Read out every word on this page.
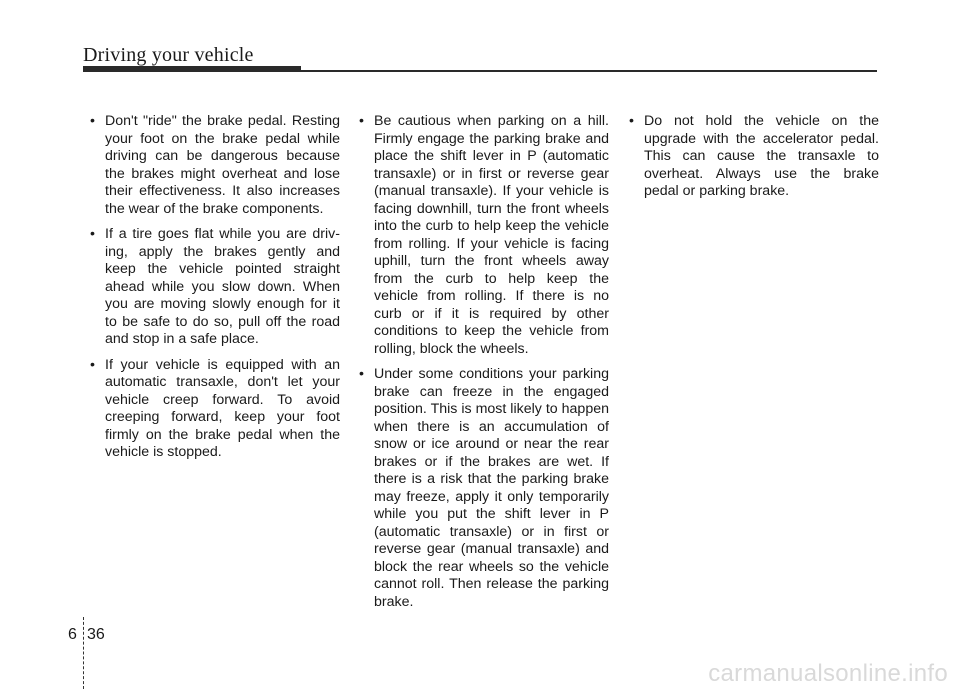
Driving your vehicle
• Don't "ride" the brake pedal. Resting your foot on the brake pedal while driving can be dangerous because the brakes might overheat and lose their effectiveness. It also increases the wear of the brake components.
• If a tire goes flat while you are driving, apply the brakes gently and keep the vehicle pointed straight ahead while you slow down. When you are moving slowly enough for it to be safe to do so, pull off the road and stop in a safe place.
• If your vehicle is equipped with an automatic transaxle, don't let your vehicle creep forward. To avoid creeping forward, keep your foot firmly on the brake pedal when the vehicle is stopped.
• Be cautious when parking on a hill. Firmly engage the parking brake and place the shift lever in P (automatic transaxle) or in first or reverse gear (manual transaxle). If your vehicle is facing downhill, turn the front wheels into the curb to help keep the vehicle from rolling. If your vehicle is facing uphill, turn the front wheels away from the curb to help keep the vehicle from rolling. If there is no curb or if it is required by other conditions to keep the vehicle from rolling, block the wheels.
• Under some conditions your parking brake can freeze in the engaged position. This is most likely to happen when there is an accumulation of snow or ice around or near the rear brakes or if the brakes are wet. If there is a risk that the parking brake may freeze, apply it only temporarily while you put the shift lever in P (automatic transaxle) or in first or reverse gear (manual transaxle) and block the rear wheels so the vehicle cannot roll. Then release the parking brake.
• Do not hold the vehicle on the upgrade with the accelerator pedal. This can cause the transaxle to overheat. Always use the brake pedal or parking brake.
6 36
carmanualsonline.info
